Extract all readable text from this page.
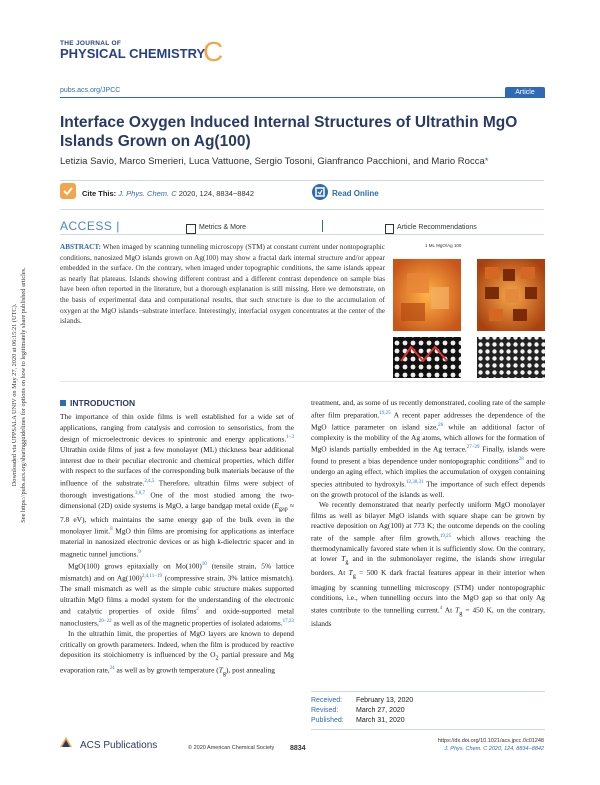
THE JOURNAL OF
PHYSICAL CHEMISTRY
C
pubs.acs.org/JPCC	Article
Interface Oxygen Induced Internal Structures of Ultrathin MgO Islands Grown on Ag(100)
Letizia Savio, Marco Smerieri, Luca Vattuone, Sergio Tosoni, Gianfranco Pacchioni, and Mario Rocca*
Cite This: J. Phys. Chem. C 2020, 124, 8834−8842	Read Online
ACCESS |	Metrics & More	Article Recommendations
ABSTRACT: When imaged by scanning tunneling microscopy (STM) at constant current under nontopographic conditions, nanosized MgO islands grown on Ag(100) may show a fractal dark internal structure and/or appear embedded in the surface. On the contrary, when imaged under topographic conditions, the same islands appear as nearly flat plateaus. Islands showing different contrast and a different contrast dependence on sample bias have been often reported in the literature, but a thorough explanation is still missing. Here we demonstrate, on the basis of experimental data and computational results, that such structure is due to the accumulation of oxygen at the MgO islands−substrate interface. Interestingly, interfacial oxygen concentrates at the center of the islands.
1 ML MgO/Ag 100
Downloaded via UPPSALA UNIV on May 27, 2020 at 06:15:21 (UTC). See https://pubs.acs.org/sharingguidelines for options on how to legitimately share published articles.	INTRODUCTION

The importance of thin oxide films is well established for a wide set of applications, ranging from catalysis and corrosion to sensoristics, from the design of microelectronic devices to spintronic and energy applications.$^{1-3}$ Ultrathin oxide films of just a few monolayer (ML) thickness bear additional interest due to their peculiar electronic and chemical properties, which differ with respect to the surfaces of the corresponding bulk materials because of the influence of the substrate.$^{2,4,5}$ Therefore, ultrathin films were subject of thorough investigations.$^{3,6,7}$ One of the most studied among the two-dimensional (2D) oxide systems is MgO, a large bandgap metal oxide ($E_{gap} \approx 7.8$ eV), which maintains the same energy gap of the bulk even in the monolayer limit.$^8$ MgO thin films are promising for applications as interface material in nanosized electronic devices or as high k-dielectric spacer and in magnetic tunnel junctions.$^9$

MgO(100) grows epitaxially on $Mo(100)^{10}$ (tensile strain, 5% lattice mismatch) and on $Ag(100)^{2,4,11-19}$ (compressive strain, 3% lattice mismatch). The small mismatch as well as the simple cubic structure makes supported ultrathin MgO films a model system for the understanding of the electronic and catalytic properties of oxide films$^2$ and oxide-supported metal nanoclusters,$^{20-22}$ as well as of the magnetic properties of isolated adatoms.$^{17,23}$

In the ultrathin limit, the properties of MgO layers are known to depend critically on growth parameters. Indeed, when the film is produced by reactive deposition its stoichiometry is influenced by the $O_2$ partial pressure and Mg evaporation rate,$^{24}$ as well as by growth temperature $(T_g)$, post annealing

treatment, and, as some of us recently demonstrated, cooling rate of the sample after film preparation.$^{19,25}$ A recent paper addresses the dependence of the MgO lattice parameter on island size,$^{26}$ while an additional factor of complexity is the mobility of the Ag atoms, which allows for the formation of MgO islands partially embedded in the Ag terrace.$^{27-29}$ Finally, islands were found to present a bias dependence under nontopographic conditions$^{28}$ and to undergo an aging effect, which implies the accumulation of oxygen containing species attributed to hydroxyls.$^{12,30,31}$ The importance of such effect depends on the growth protocol of the islands as well.

We recently demonstrated that nearly perfectly uniform MgO monolayer films as well as bilayer MgO islands with square shape can be grown by reactive deposition on Ag(100) at 773 K; the outcome depends on the cooling rate of the sample after film growth,$^{19,25}$ which allows reaching the thermodynamically favored state when it is sufficiently slow. On the contrary, at lower $T_g$ and in the submonolayer regime, the islands show irregular borders. At $T_g = 500$ K dark fractal features appear in their interior when imaging by scanning tunnelling microscopy (STM) under nontopographic conditions, i.e., when tunnelling occurs into the MgO gap so that only Ag states contribute to the tunnelling current.$^4$ At $T_g = 450$ K, on the contrary, islands

Received: February 13, 2020
Revised:	March 27, 2020
Published: March 31, 2020
ACS Publications	© 2020 American Chemical Society 8834
https://dx.doi.org/10.1021/acs.jpcc.0c01248
J. Phys. Chem. C 2020, 124, 8834−8842
